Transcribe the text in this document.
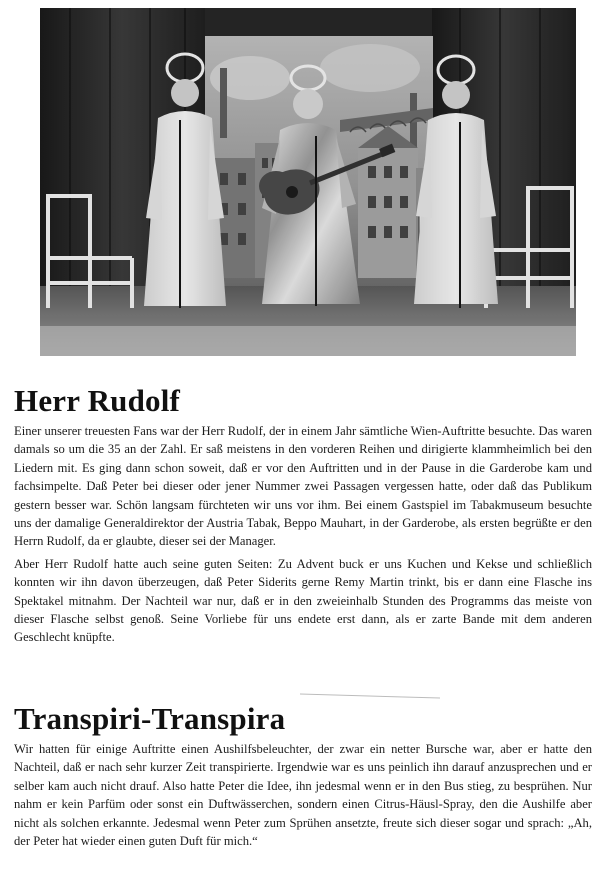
Herr Rudolf

Einer unserer treuesten Fans war der Herr Rudolf, der in einem Jahr sämtliche Wien-Auftritte besuchte. Das waren damals so um die 35 an der Zahl. Er saß meistens in den vorderen Reihen und dirigierte klammheimlich bei den Liedern mit. Es ging dann schon soweit, daß er vor den Auftritten und in der Pause in die Garderobe kam und fachsimpelte. Daß Peter bei dieser oder jener Nummer zwei Passagen vergessen hatte, oder daß das Publikum gestern besser war. Schön langsam fürchteten wir uns vor ihm. Bei einem Gastspiel im Tabakmuseum besuchte uns der damalige Generaldirektor der Austria Tabak, Beppo Mauhart, in der Garderobe, als ersten begrüßte er den Herrn Rudolf, da er glaubte, dieser sei der Manager.

Aber Herr Rudolf hatte auch seine guten Seiten: Zu Advent buck er uns Kuchen und Kekse und schließlich konnten wir ihn davon überzeugen, daß Peter Siderits gerne Remy Martin trinkt, bis er dann eine Flasche ins Spektakel mitnahm. Der Nachteil war nur, daß er in den zweieinhalb Stunden des Programms das meiste von dieser Flasche selbst genoß. Seine Vorliebe für uns endete erst dann, als er zarte Bande mit dem anderen Geschlecht knüpfte.

Transpiri-Transpira

Wir hatten für einige Auftritte einen Aushilfsbeleuchter, der zwar ein netter Bursche war, aber er hatte den Nachteil, daß er nach sehr kurzer Zeit transpirierte. Irgendwie war es uns peinlich ihn darauf anzusprechen und er selber kam auch nicht drauf. Also hatte Peter die Idee, ihn jedesmal wenn er in den Bus stieg, zu besprühen. Nur nahm er kein Parfüm oder sonst ein Duftwässerchen, sondern einen Citrus-Häusl-Spray, den die Aushilfe aber nicht als solchen erkannte. Jedesmal wenn Peter zum Sprühen ansetzte, freute sich dieser sogar und sprach: „Ah, der Peter hat wieder einen guten Duft für mich.“
